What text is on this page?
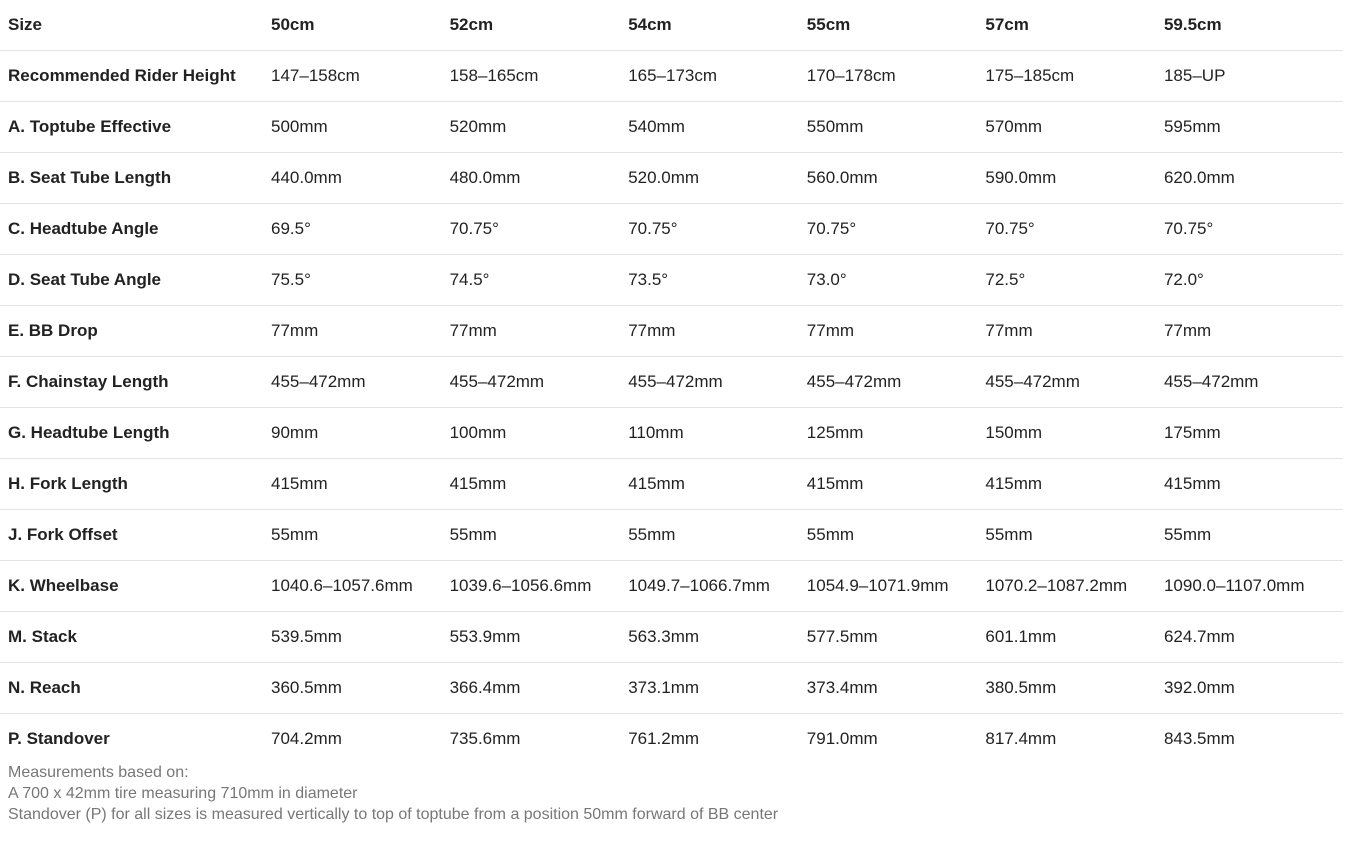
Size	50cm	52cm	54cm	55cm	57cm	59.5cm
Recommended Rider Height	147–158cm	158–165cm	165–173cm	170–178cm	175–185cm	185–UP
A. Toptube Effective	500mm	520mm	540mm	550mm	570mm	595mm
B. Seat Tube Length	440.0mm	480.0mm	520.0mm	560.0mm	590.0mm	620.0mm
C. Headtube Angle	69.5°	70.75°	70.75°	70.75°	70.75°	70.75°
D. Seat Tube Angle	75.5°	74.5°	73.5°	73.0°	72.5°	72.0°
E. BB Drop	77mm	77mm	77mm	77mm	77mm	77mm
F. Chainstay Length	455–472mm	455–472mm	455–472mm	455–472mm	455–472mm	455–472mm
G. Headtube Length	90mm	100mm	110mm	125mm	150mm	175mm
H. Fork Length	415mm	415mm	415mm	415mm	415mm	415mm
J. Fork Offset	55mm	55mm	55mm	55mm	55mm	55mm
K. Wheelbase	1040.6–1057.6mm	1039.6–1056.6mm	1049.7–1066.7mm	1054.9–1071.9mm	1070.2–1087.2mm	1090.0–1107.0mm
M. Stack	539.5mm	553.9mm	563.3mm	577.5mm	601.1mm	624.7mm
N. Reach	360.5mm	366.4mm	373.1mm	373.4mm	380.5mm	392.0mm
P. Standover	704.2mm	735.6mm	761.2mm	791.0mm	817.4mm	843.5mm
Measurements based on:
A 700 x 42mm tire measuring 710mm in diameter
Standover (P) for all sizes is measured vertically to top of toptube from a position 50mm forward of BB center
